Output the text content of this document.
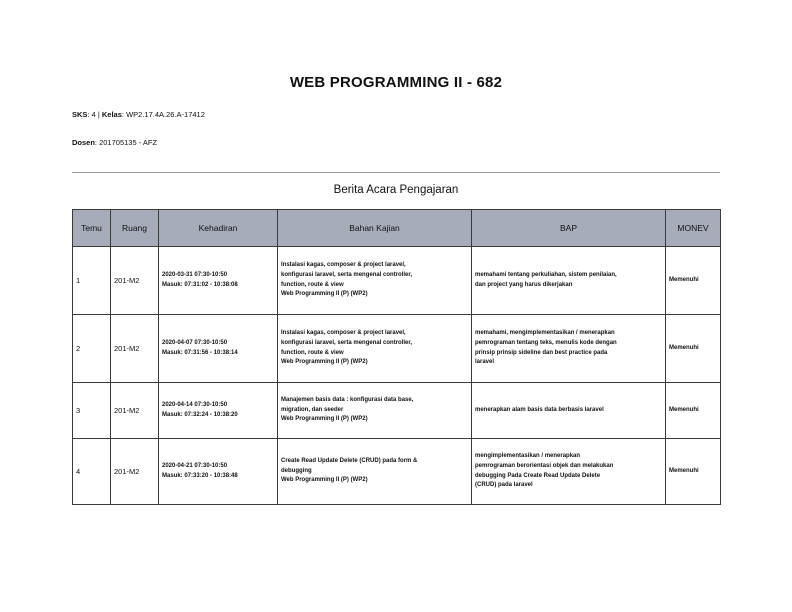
WEB PROGRAMMING II - 682
SKS: 4 | Kelas: WP2.17.4A.26.A-17412
Dosen: 201705135 - AFZ
Berita Acara Pengajaran
Temu	Ruang	Kehadiran	Bahan Kajian	BAP	MONEV
1	201-M2	2020-03-31 07:30-10:50
Masuk: 07:31:02 - 10:38:08	Instalasi kagas, composer & project laravel,
konfigurasi laravel, serta mengenal controller,
function, route & view
Web Programming II (P) (WP2)	memahami tentang perkuliahan, sistem penilaian,
dan project yang harus dikerjakan	Memenuhi
2	201-M2	2020-04-07 07:30-10:50
Masuk: 07:31:56 - 10:38:14	Instalasi kagas, composer & project laravel,
konfigurasi laravel, serta mengenal controller,
function, route & view
Web Programming II (P) (WP2)	memahami, mengimplementasikan / menerapkan
pemrograman tentang teks, menulis kode dengan
prinsip prinsip sideline dan best practice pada
laravel	Memenuhi
3	201-M2	2020-04-14 07:30-10:50
Masuk: 07:32:24 - 10:38:20	Manajemen basis data : konfigurasi data base,
migration, dan seeder
Web Programming II (P) (WP2)	menerapkan alam basis data berbasis laravel	Memenuhi
4	201-M2	2020-04-21 07:30-10:50
Masuk: 07:33:20 - 10:38:48	Create Read Update Delete (CRUD) pada form &
debugging
Web Programming II (P) (WP2)	mengimplementasikan / menerapkan
pemrograman berorientasi objek dan melakukan
debugging Pada Create Read Update Delete
(CRUD) pada laravel	Memenuhi
